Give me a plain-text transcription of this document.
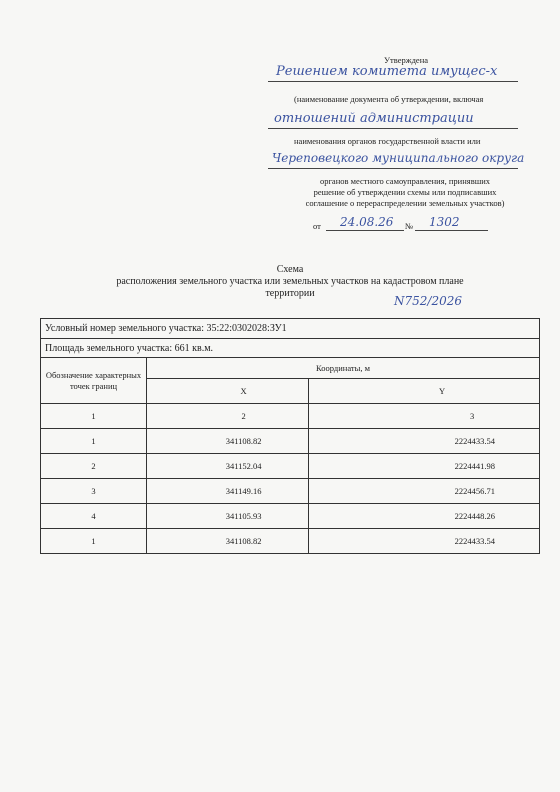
Утверждена
Решением комитета имущес-х
(наименование документа об утверждении, включая
отношений администрации
наименования органов государственной власти или
Череповецкого муниципального округа
органов местного самоуправления, принявших
решение об утверждении схемы или подписавших
соглашение о перераспределении земельных участков)
от 24.08.26 № 1302
Схема
расположения земельного участка или земельных участков на кадастровом плане
территории
N752/2026
Условный номер земельного участка: 35:22:0302028:ЗУ1		
Площадь земельного участка: 661 кв.м.		
Обозначение характерных точек границ	Координаты, м	
	X	Y
1	2	3
1	341108.82	2224433.54
2	341152.04	2224441.98
3	341149.16	2224456.71
4	341105.93	2224448.26
1	341108.82	2224433.54
